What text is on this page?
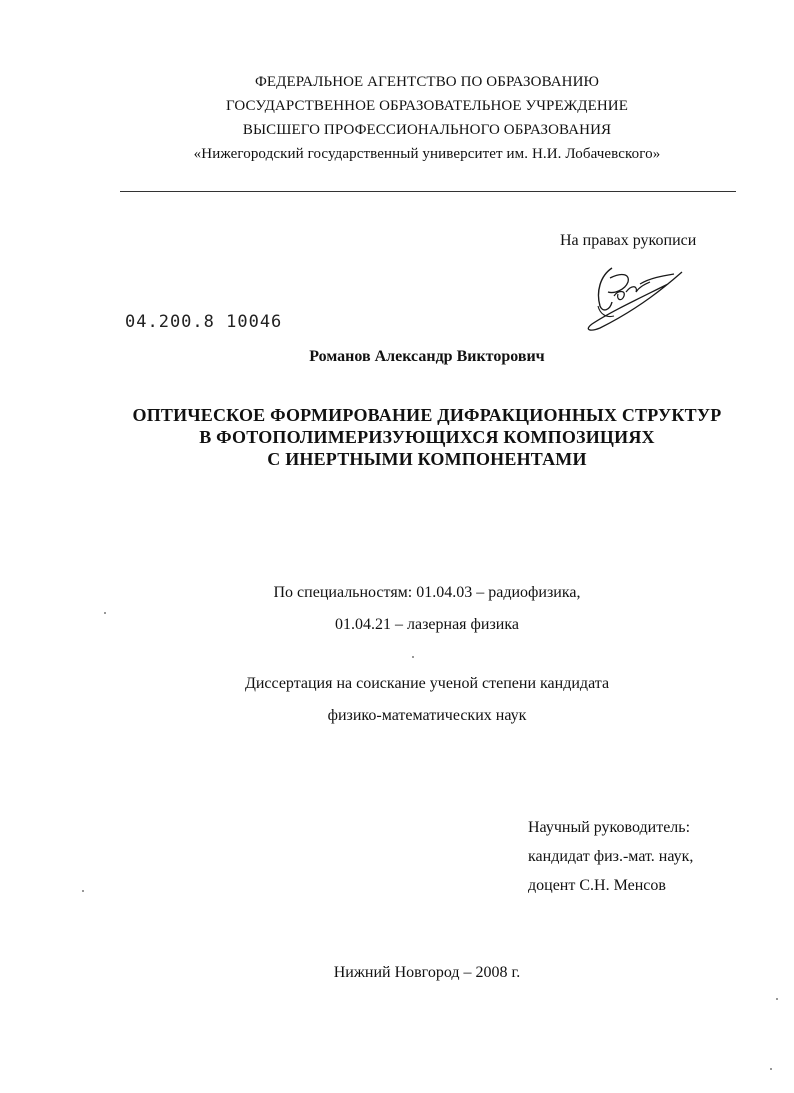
ФЕДЕРАЛЬНОЕ АГЕНТСТВО ПО ОБРАЗОВАНИЮ
ГОСУДАРСТВЕННОЕ ОБРАЗОВАТЕЛЬНОЕ УЧРЕЖДЕНИЕ
ВЫСШЕГО ПРОФЕССИОНАЛЬНОГО ОБРАЗОВАНИЯ
«Нижегородский государственный университет им. Н.И. Лобачевского»
На правах рукописи
04.200.8 10046
Романов Александр Викторович
ОПТИЧЕСКОЕ ФОРМИРОВАНИЕ ДИФРАКЦИОННЫХ СТРУКТУР
В ФОТОПОЛИМЕРИЗУЮЩИХСЯ КОМПОЗИЦИЯХ
С ИНЕРТНЫМИ КОМПОНЕНТАМИ
По специальностям: 01.04.03 – радиофизика,
01.04.21 – лазерная физика
Диссертация на соискание ученой степени кандидата
физико-математических наук
Научный руководитель:
кандидат физ.-мат. наук,
доцент С.Н. Менсов
Нижний Новгород – 2008 г.
